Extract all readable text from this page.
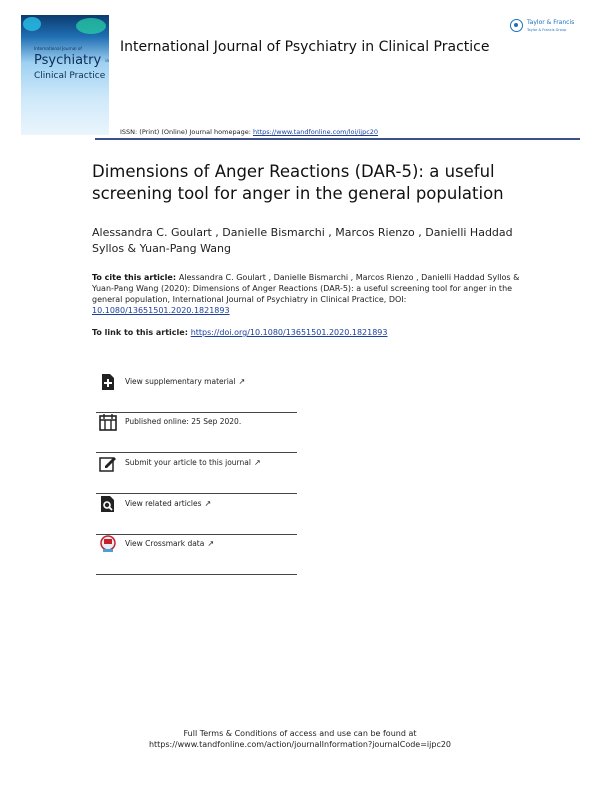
International Journal of
Psychiatry in
Clinical Practice
International Journal of Psychiatry in Clinical Practice
Taylor & Francis
Taylor & Francis Group
ISSN: (Print) (Online) Journal homepage: https://www.tandfonline.com/loi/ijpc20
Dimensions of Anger Reactions (DAR-5): a useful screening tool for anger in the general population
Alessandra C. Goulart , Danielle Bismarchi , Marcos Rienzo , Danielli Haddad Syllos & Yuan-Pang Wang
To cite this article: Alessandra C. Goulart , Danielle Bismarchi , Marcos Rienzo , Danielli Haddad Syllos & Yuan-Pang Wang (2020): Dimensions of Anger Reactions (DAR-5): a useful screening tool for anger in the general population, International Journal of Psychiatry in Clinical Practice, DOI: 10.1080/13651501.2020.1821893
To link to this article: https://doi.org/10.1080/13651501.2020.1821893
View supplementary material ↗
Published online: 25 Sep 2020.
Submit your article to this journal ↗
View related articles ↗
View Crossmark data ↗
Full Terms & Conditions of access and use can be found at
https://www.tandfonline.com/action/journalInformation?journalCode=ijpc20
